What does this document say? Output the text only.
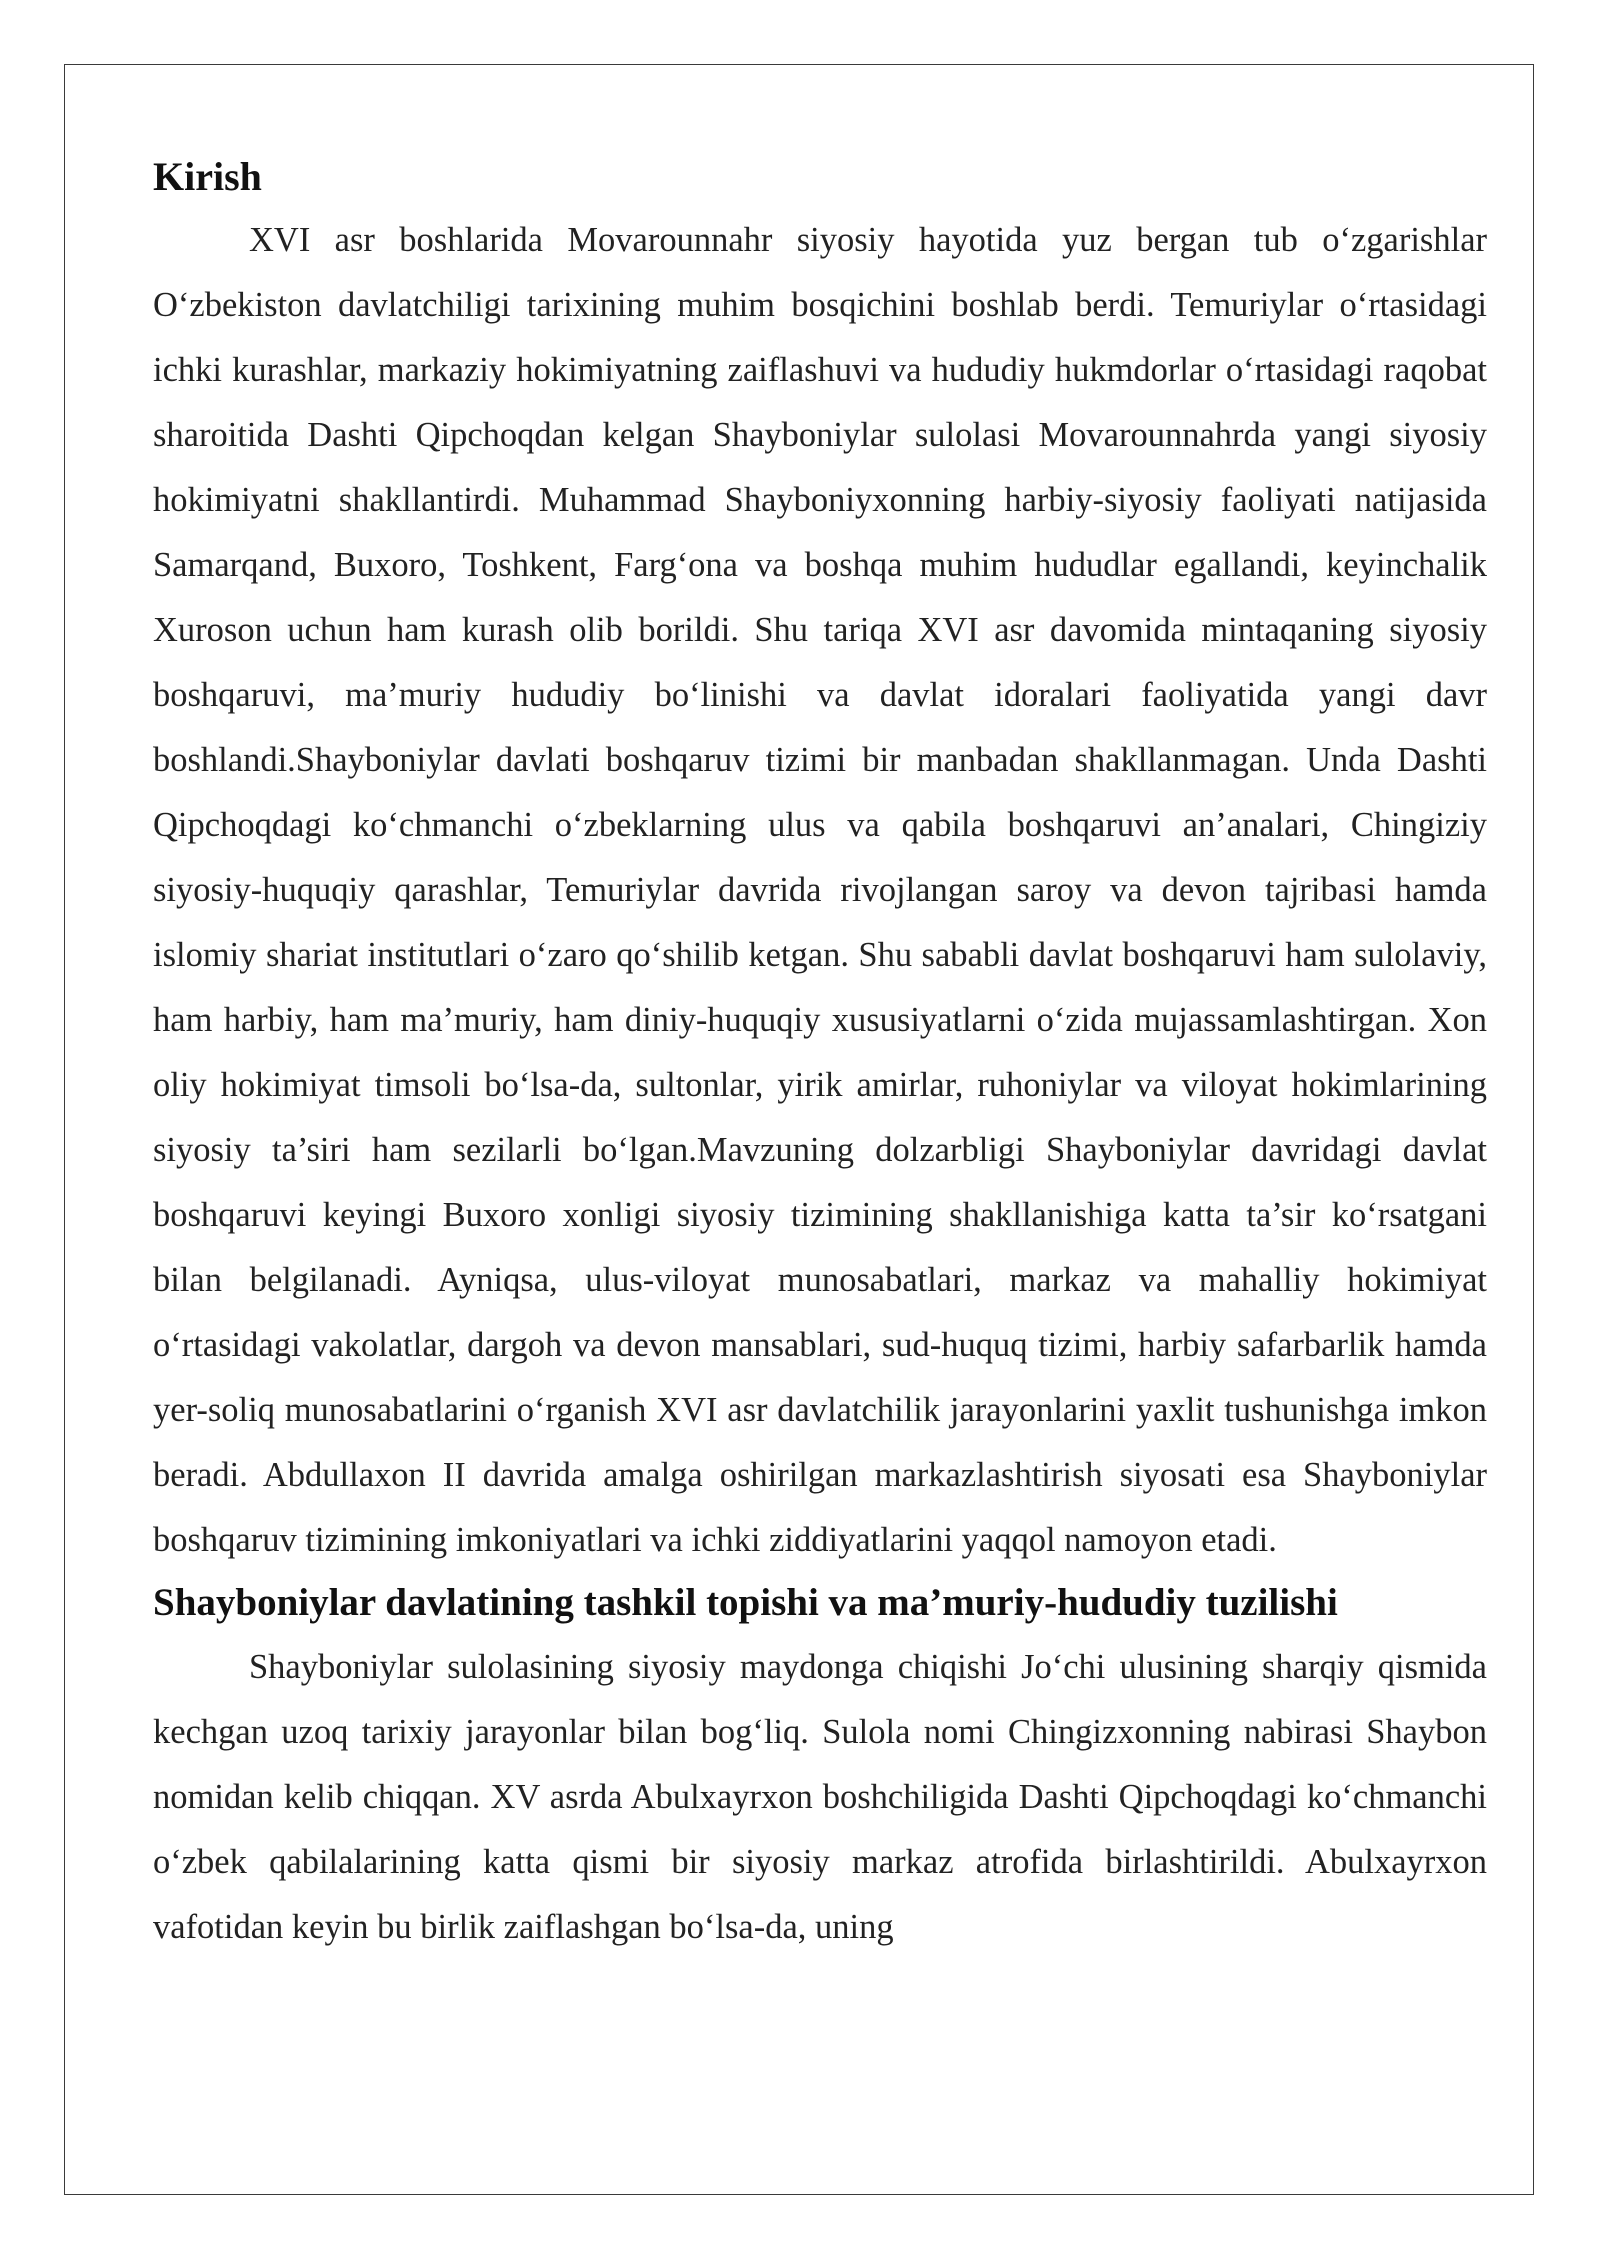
Kirish

XVI asr boshlarida Movarounnahr siyosiy hayotida yuz bergan tub o‘zgarishlar O‘zbekiston davlatchiligi tarixining muhim bosqichini boshlab berdi. Temuriylar o‘rtasidagi ichki kurashlar, markaziy hokimiyatning zaiflashuvi va hududiy hukmdorlar o‘rtasidagi raqobat sharoitida Dashti Qipchoqdan kelgan Shayboniylar sulolasi Movarounnahrda yangi siyosiy hokimiyatni shakllantirdi. Muhammad Shayboniyxonning harbiy-siyosiy faoliyati natijasida Samarqand, Buxoro, Toshkent, Farg‘ona va boshqa muhim hududlar egallandi, keyinchalik Xuroson uchun ham kurash olib borildi. Shu tariqa XVI asr davomida mintaqaning siyosiy boshqaruvi, ma’muriy hududiy bo‘linishi va davlat idoralari faoliyatida yangi davr boshlandi.Shayboniylar davlati boshqaruv tizimi bir manbadan shakllanmagan. Unda Dashti Qipchoqdagi ko‘chmanchi o‘zbeklarning ulus va qabila boshqaruvi an’analari, Chingiziy siyosiy-huquqiy qarashlar, Temuriylar davrida rivojlangan saroy va devon tajribasi hamda islomiy shariat institutlari o‘zaro qo‘shilib ketgan. Shu sababli davlat boshqaruvi ham sulolaviy, ham harbiy, ham ma’muriy, ham diniy-huquqiy xususiyatlarni o‘zida mujassamlashtirgan. Xon oliy hokimiyat timsoli bo‘lsa-da, sultonlar, yirik amirlar, ruhoniylar va viloyat hokimlarining siyosiy ta’siri ham sezilarli bo‘lgan.Mavzuning dolzarbligi Shayboniylar davridagi davlat boshqaruvi keyingi Buxoro xonligi siyosiy tizimining shakllanishiga katta ta’sir ko‘rsatgani bilan belgilanadi. Ayniqsa, ulus-viloyat munosabatlari, markaz va mahalliy hokimiyat o‘rtasidagi vakolatlar, dargoh va devon mansablari, sud-huquq tizimi, harbiy safarbarlik hamda yer-soliq munosabatlarini o‘rganish XVI asr davlatchilik jarayonlarini yaxlit tushunishga imkon beradi. Abdullaxon II davrida amalga oshirilgan markazlashtirish siyosati esa Shayboniylar boshqaruv tizimining imkoniyatlari va ichki ziddiyatlarini yaqqol namoyon etadi.

Shayboniylar davlatining tashkil topishi va ma’muriy-hududiy tuzilishi

Shayboniylar sulolasining siyosiy maydonga chiqishi Jo‘chi ulusining sharqiy qismida kechgan uzoq tarixiy jarayonlar bilan bog‘liq. Sulola nomi Chingizxonning nabirasi Shaybon nomidan kelib chiqqan. XV asrda Abulxayrxon boshchiligida Dashti Qipchoqdagi ko‘chmanchi o‘zbek qabilalarining katta qismi bir siyosiy markaz atrofida birlashtirildi. Abulxayrxon vafotidan keyin bu birlik zaiflashgan bo‘lsa-da, uning
